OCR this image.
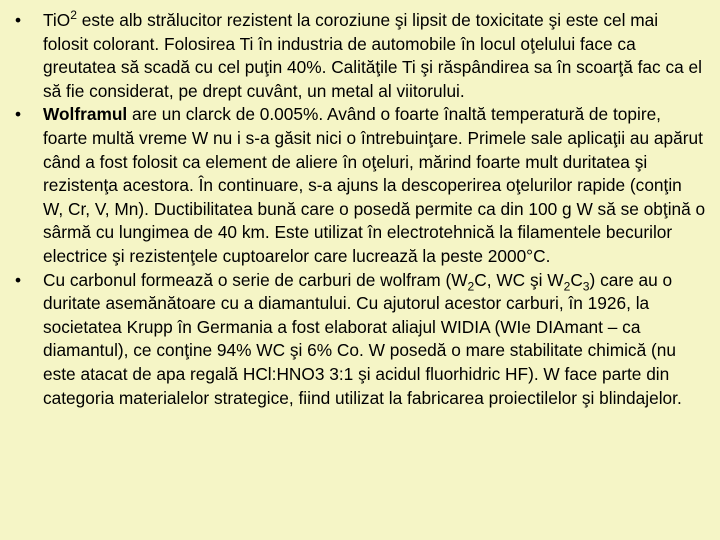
•	TiO$^2$ este alb strălucitor rezistent la coroziune şi lipsit de toxicitate şi este cel mai folosit colorant. Folosirea Ti în industria de automobile în locul oţelului face ca greutatea să scadă cu cel puţin 40%. Calităţile Ti şi răspândirea sa în scoarţă fac ca el să fie considerat, pe drept cuvânt, un metal al viitorului.
•	Wolframul are un clarck de 0.005%. Având o foarte înaltă temperatură de topire, foarte multă vreme W nu i s-a găsit nici o întrebuinţare. Primele sale aplicaţii au apărut când a fost folosit ca element de aliere în oţeluri, mărind foarte mult duritatea şi rezistenţa acestora. În continuare, s-a ajuns la descoperirea oţelurilor rapide (conţin W, Cr, V, Mn). Ductibilitatea bună care o posedă permite ca din 100 g W să se obţină o sârmă cu lungimea de 40 km. Este utilizat în electrotehnică la filamentele becurilor electrice şi rezistenţele cuptoarelor care lucrează la peste 2000°C.
•	Cu carbonul formează o serie de carburi de wolfram ($W_2C$, WC şi $W_2C_3$) care au o duritate asemănătoare cu a diamantului. Cu ajutorul acestor carburi, în 1926, la societatea Krupp în Germania a fost elaborat aliajul WIDIA (WIe DIAmant – ca diamantul), ce conţine 94% WC şi 6% Co. W posedă o mare stabilitate chimică (nu este atacat de apa regală HCl:HNO3 3:1 şi acidul fluorhidric HF). W face parte din categoria materialelor strategice, fiind utilizat la fabricarea proiectilelor şi blindajelor.
